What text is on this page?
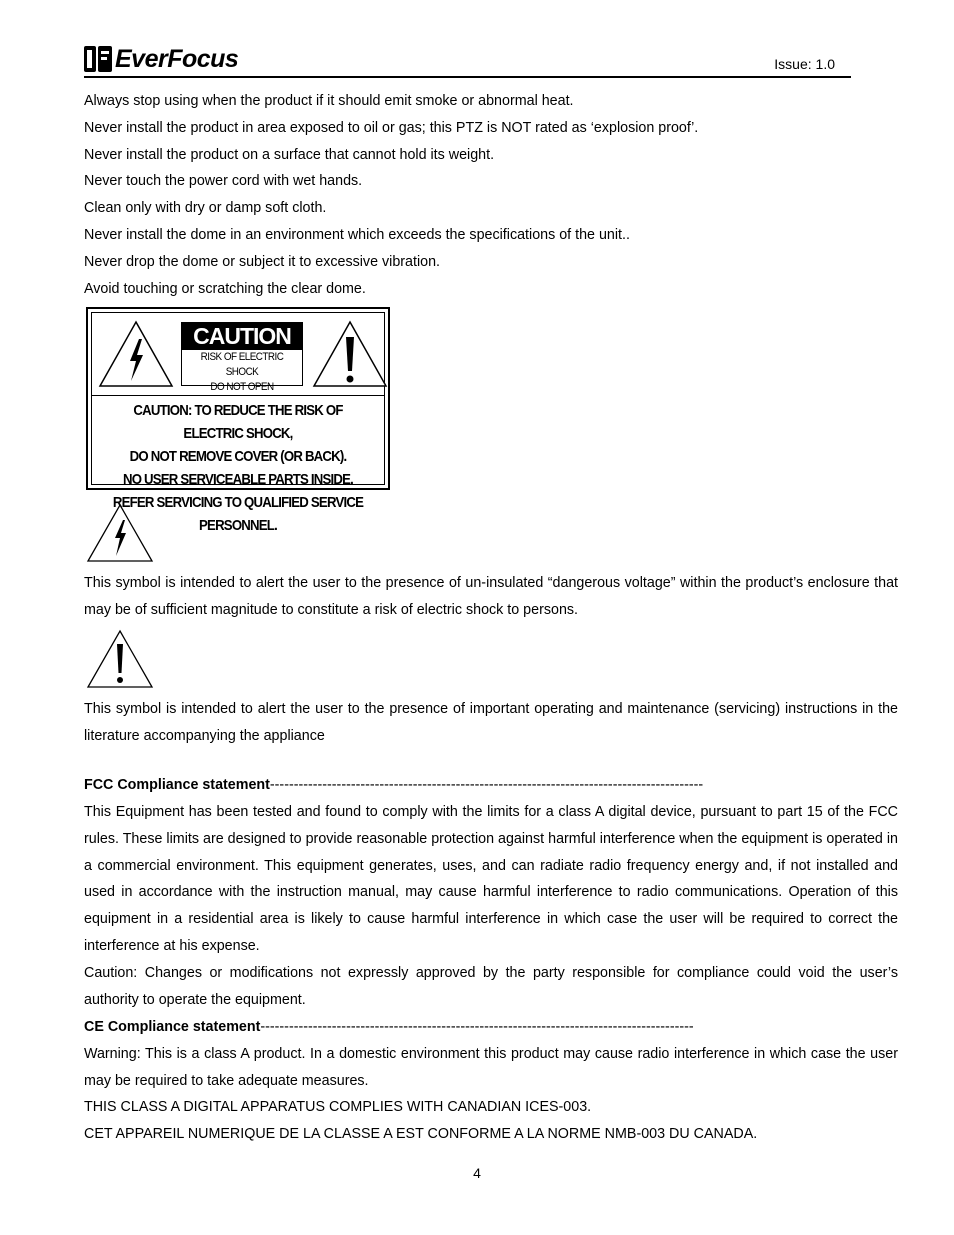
EverFocus	Issue: 1.0
Always stop using when the product if it should emit smoke or abnormal heat.
Never install the product in area exposed to oil or gas; this PTZ is NOT rated as ‘explosion proof’.
Never install the product on a surface that cannot hold its weight.
Never touch the power cord with wet hands.
Clean only with dry or damp soft cloth.
Never install the dome in an environment which exceeds the specifications of the unit..
Never drop the dome or subject it to excessive vibration.
Avoid touching or scratching the clear dome.
CAUTION
RISK OF ELECTRIC SHOCK
DO NOT OPEN
CAUTION: TO REDUCE THE RISK OF ELECTRIC SHOCK,
DO NOT REMOVE COVER (OR BACK).
NO USER SERVICEABLE PARTS INSIDE.
REFER SERVICING TO QUALIFIED SERVICE PERSONNEL.
This symbol is intended to alert the user to the presence of un-insulated “dangerous voltage” within the product’s enclosure that may be of sufficient magnitude to constitute a risk of electric shock to persons.
This symbol is intended to alert the user to the presence of important operating and maintenance (servicing) instructions in the literature accompanying the appliance
FCC Compliance statement-------------------------------------------------------------------------------------------
This Equipment has been tested and found to comply with the limits for a class A digital device, pursuant to part 15 of the FCC rules. These limits are designed to provide reasonable protection against harmful interference when the equipment is operated in a commercial environment. This equipment generates, uses, and can radiate radio frequency energy and, if not installed and used in accordance with the instruction manual, may cause harmful interference to radio communications. Operation of this equipment in a residential area is likely to cause harmful interference in which case the user will be required to correct the interference at his expense.
Caution: Changes or modifications not expressly approved by the party responsible for compliance could void the user’s authority to operate the equipment.
CE Compliance statement-------------------------------------------------------------------------------------------
Warning: This is a class A product. In a domestic environment this product may cause radio interference in which case the user may be required to take adequate measures.
THIS CLASS A DIGITAL APPARATUS COMPLIES WITH CANADIAN ICES-003.
CET APPAREIL NUMERIQUE DE LA CLASSE A EST CONFORME A LA NORME NMB-003 DU CANADA.
4
